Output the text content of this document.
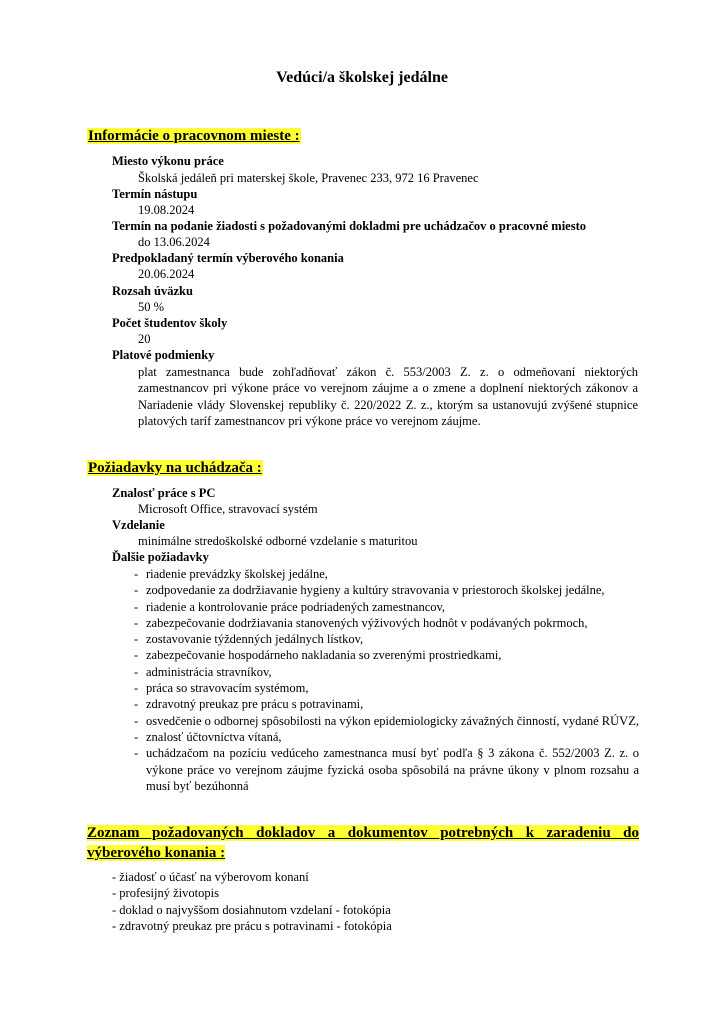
Vedúci/a školskej jedálne
Informácie o pracovnom mieste :
Miesto výkonu práce
Školská jedáleň pri materskej škole, Pravenec 233, 972 16 Pravenec
Termín nástupu
19.08.2024
Termín na podanie žiadosti s požadovanými dokladmi pre uchádzačov o pracovné miesto
do 13.06.2024
Predpokladaný termín výberového konania
20.06.2024
Rozsah úväzku
50 %
Počet študentov školy
20
Platové podmienky
plat zamestnanca bude zohľadňovať zákon č. 553/2003 Z. z. o odmeňovaní niektorých zamestnancov pri výkone práce vo verejnom záujme a o zmene a doplnení niektorých zákonov a Nariadenie vlády Slovenskej republiky č. 220/2022 Z. z., ktorým sa ustanovujú zvýšené stupnice platových taríf zamestnancov pri výkone práce vo verejnom záujme.
Požiadavky na uchádzača :
Znalosť práce s PC
Microsoft Office, stravovací systém
Vzdelanie
minimálne stredoškolské odborné vzdelanie s maturitou
Ďalšie požiadavky
- riadenie prevádzky školskej jedálne,
- zodpovedanie za dodržiavanie hygieny a kultúry stravovania v priestoroch školskej jedálne,
- riadenie a kontrolovanie práce podriadených zamestnancov,
- zabezpečovanie dodržiavania stanovených výživových hodnôt v podávaných pokrmoch,
- zostavovanie týždenných jedálnych lístkov,
- zabezpečovanie hospodárneho nakladania so zverenými prostriedkami,
- administrácia stravníkov,
- práca so stravovacím systémom,
- zdravotný preukaz pre prácu s potravinami,
- osvedčenie o odbornej spôsobilosti na výkon epidemiologicky závažných činností, vydané RÚVZ,
- znalosť účtovníctva vítaná,
- uchádzačom na pozíciu vedúceho zamestnanca musí byť podľa § 3 zákona č. 552/2003 Z. z. o výkone práce vo verejnom záujme fyzická osoba spôsobilá na právne úkony v plnom rozsahu a musí byť bezúhonná
Zoznam požadovaných dokladov a dokumentov potrebných k zaradeniu do výberového konania :
- žiadosť o účasť na výberovom konaní
- profesijný životopis
- doklad o najvyššom dosiahnutom vzdelaní - fotokópia
- zdravotný preukaz pre prácu s potravinami - fotokópia
